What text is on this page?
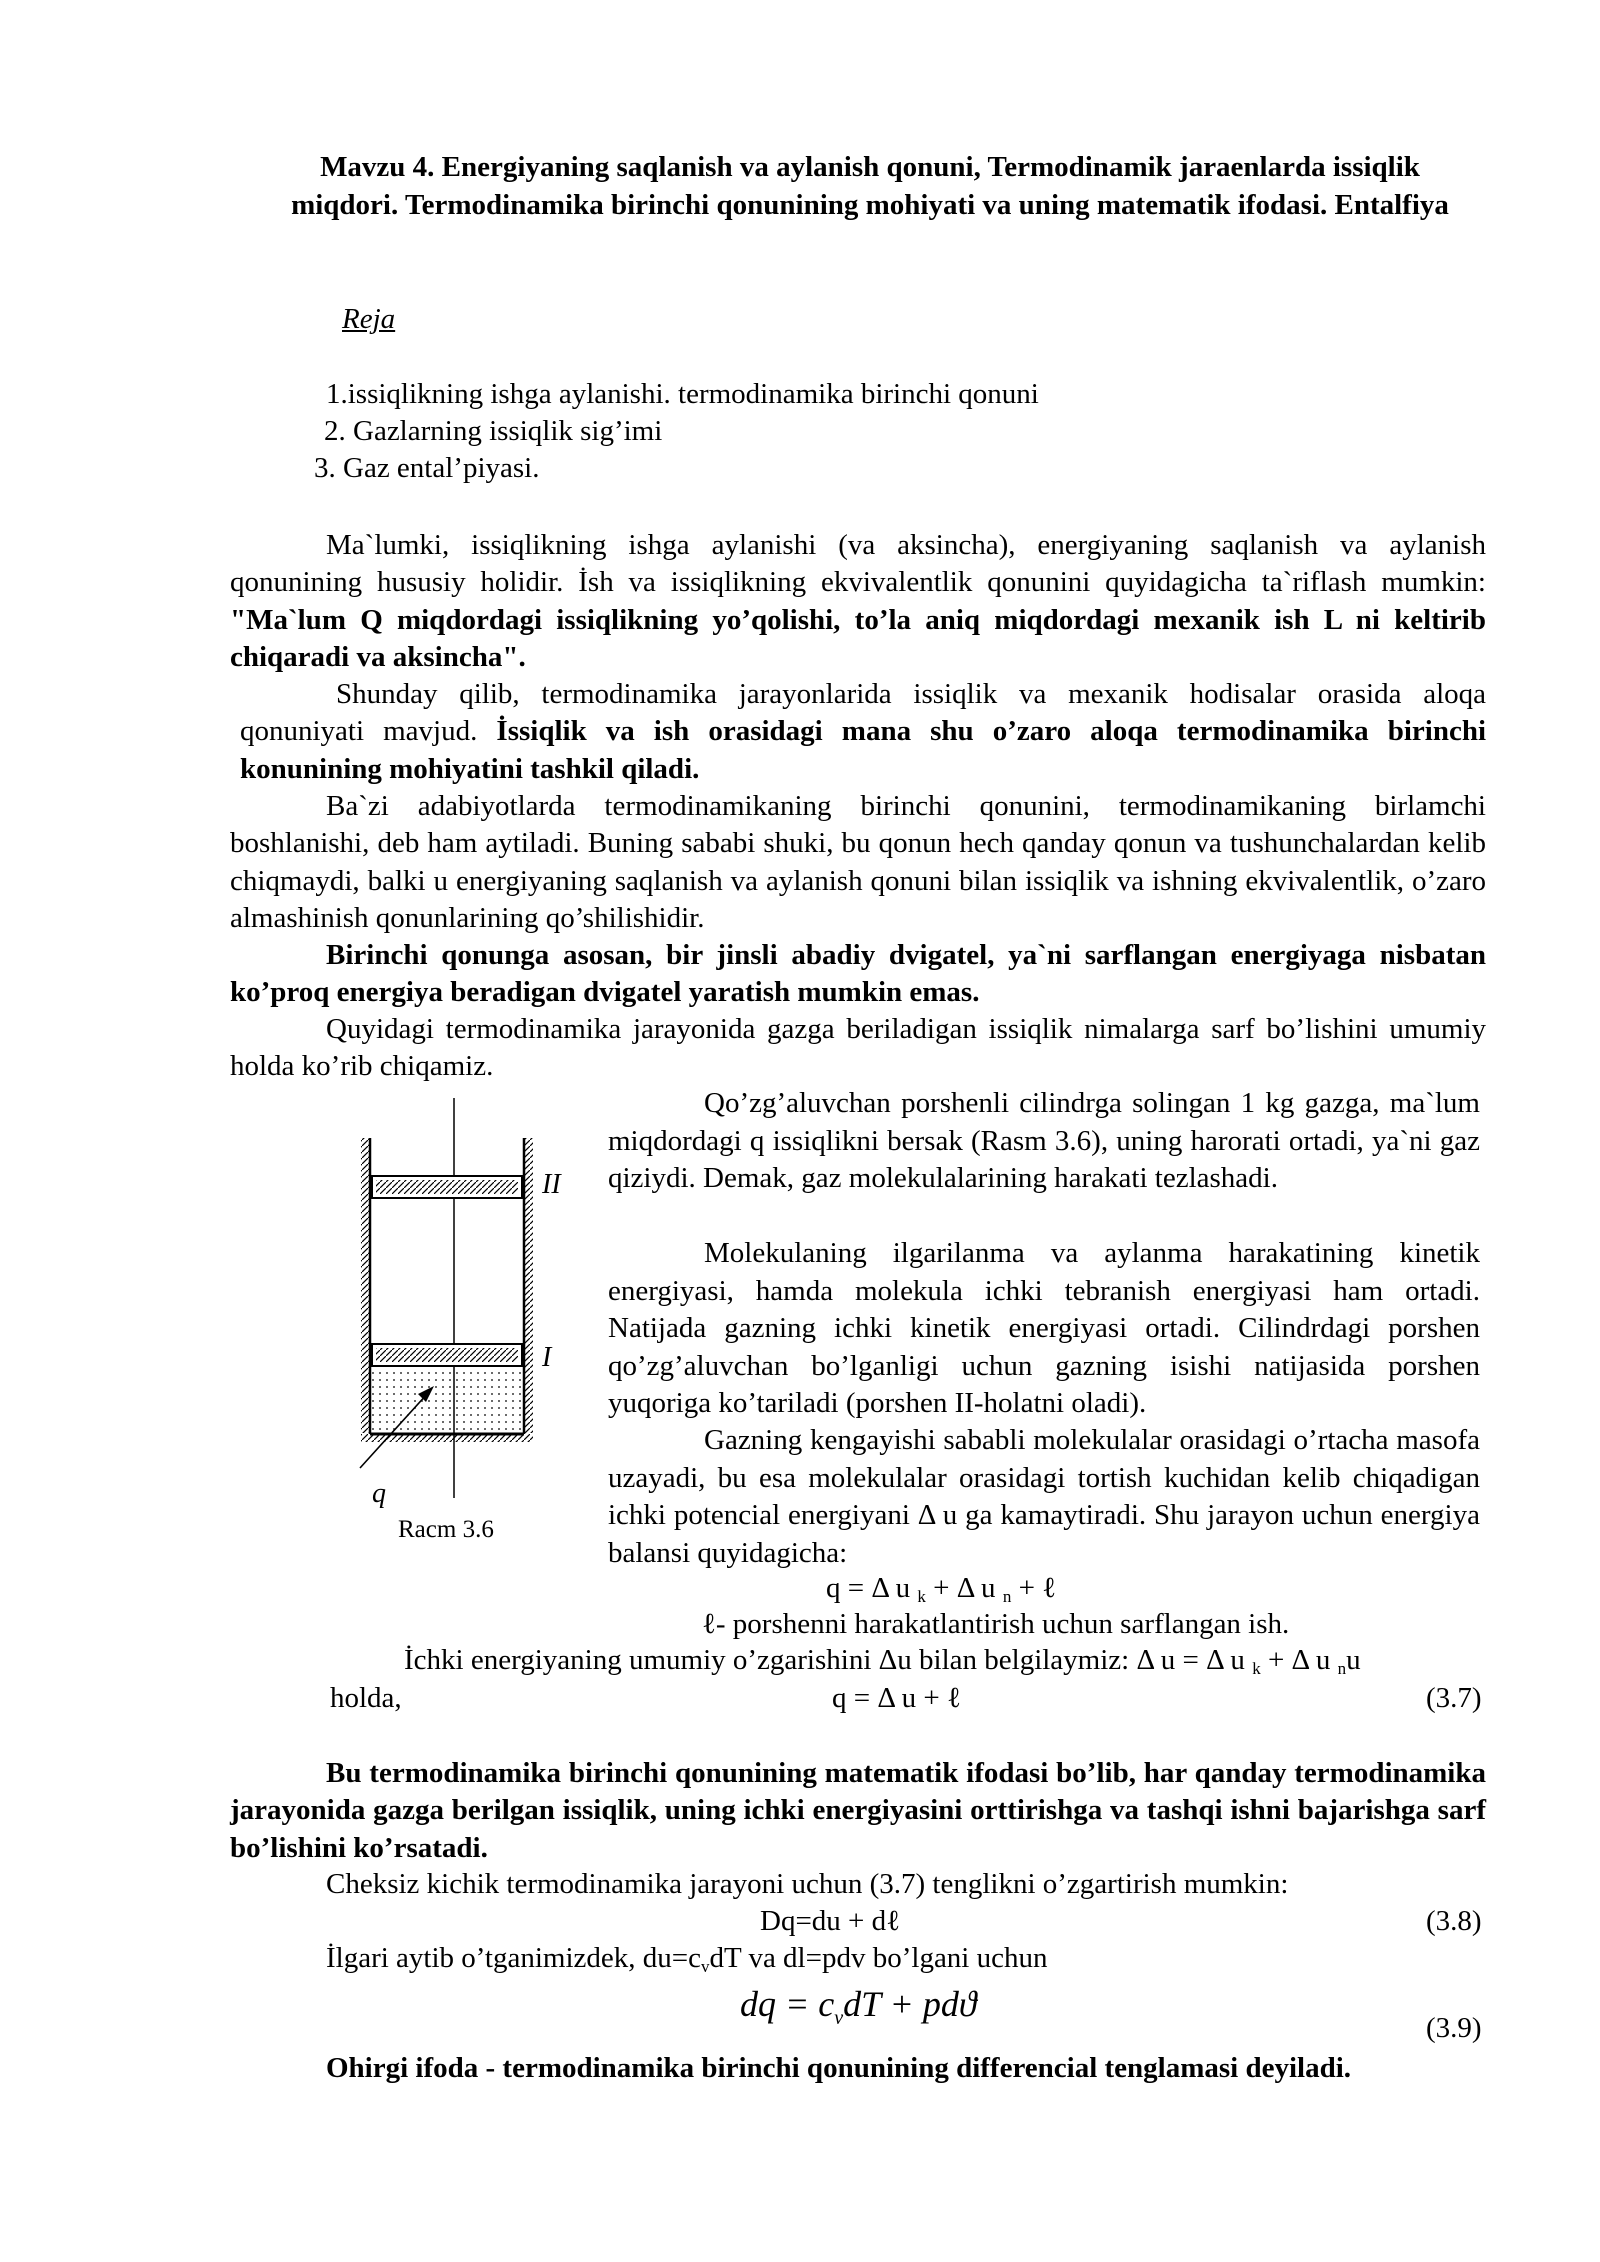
Mavzu 4. Energiyaning saqlanish va aylanish qonuni, Termodinamik jaraenlarda issiqlik miqdori. Termodinamika birinchi qonunining mohiyati va uning matematik ifodasi. Entalfiya
Reja
1.issiqlikning ishga aylanishi. termodinamika birinchi qonuni
2. Gazlarning issiqlik sig’imi
3. Gaz ental’piyasi.
Ma`lumki, issiqlikning ishga aylanishi (va aksincha), energiyaning saqlanish va aylanish qonunining hususiy holidir. İsh va issiqlikning ekvivalentlik qonunini quyidagicha ta`riflash mumkin: "Ma`lum Q miqdordagi issiqlikning yo’qolishi, to’la aniq miqdordagi mexanik ish L ni keltirib chiqaradi va aksincha".
Shunday qilib, termodinamika jarayonlarida issiqlik va mexanik hodisalar orasida aloqa qonuniyati mavjud. İssiqlik va ish orasidagi mana shu o’zaro aloqa termodinamika birinchi konunining mohiyatini tashkil qiladi.
Ba`zi adabiyotlarda termodinamikaning birinchi qonunini, termodinamikaning birlamchi boshlanishi, deb ham aytiladi. Buning sababi shuki, bu qonun hech qanday qonun va tushunchalardan kelib chiqmaydi, balki u energiyaning saqlanish va aylanish qonuni bilan issiqlik va ishning ekvivalentlik, o’zaro almashinish qonunlarining qo’shilishidir.
Birinchi qonunga asosan, bir jinsli abadiy dvigatel, ya`ni sarflangan energiyaga nisbatan ko’proq energiya beradigan dvigatel yaratish mumkin emas.
Quyidagi termodinamika jarayonida gazga beriladigan issiqlik nimalarga sarf bo’lishini umumiy holda ko’rib chiqamiz.
Qo’zg’aluvchan porshenli cilindrga solingan 1 kg gazga, ma`lum miqdordagi q issiqlikni bersak (Rasm 3.6), uning harorati ortadi, ya`ni gaz qiziydi. Demak, gaz molekulalarining harakati tezlashadi.
Molekulaning ilgarilanma va aylanma harakatining kinetik energiyasi, hamda molekula ichki tebranish energiyasi ham ortadi. Natijada gazning ichki kinetik energiyasi ortadi. Cilindrdagi porshen qo’zg’aluvchan bo’lganligi uchun gazning isishi natijasida porshen yuqoriga ko’tariladi (porshen II-holatni oladi).
Gazning kengayishi sababli molekulalar orasidagi o’rtacha masofa uzayadi, bu esa molekulalar orasidagi tortish kuchidan kelib chiqadigan ichki potencial energiyani Δ u ga kamaytiradi. Shu jarayon uchun energiya balansi quyidagicha:
II
I
q
Racm 3.6
q = Δ u $_k$ + Δ u $_n$ + ℓ
ℓ- porshenni harakatlantirish uchun sarflangan ish.
İchki energiyaning umumiy o’zgarishini Δu bilan belgilaymiz: Δ u = Δ u $_k$ + Δ u $_n$u
holda,	q = Δ u + ℓ	(3.7)
Bu termodinamika birinchi qonunining matematik ifodasi bo’lib, har qanday termodinamika jarayonida gazga berilgan issiqlik, uning ichki energiyasini orttirishga va tashqi ishni bajarishga sarf bo’lishini ko’rsatadi.
Cheksiz kichik termodinamika jarayoni uchun (3.7) tenglikni o’zgartirish mumkin:
Dq=du + dℓ	(3.8)
İlgari aytib o’tganimizdek, $du=c_vdT$ va dl=pdv bo’lgani uchun
dq = $c_vdT + pdϑ$
(3.9)
Ohirgi ifoda - termodinamika birinchi qonunining differencial tenglamasi deyiladi.
